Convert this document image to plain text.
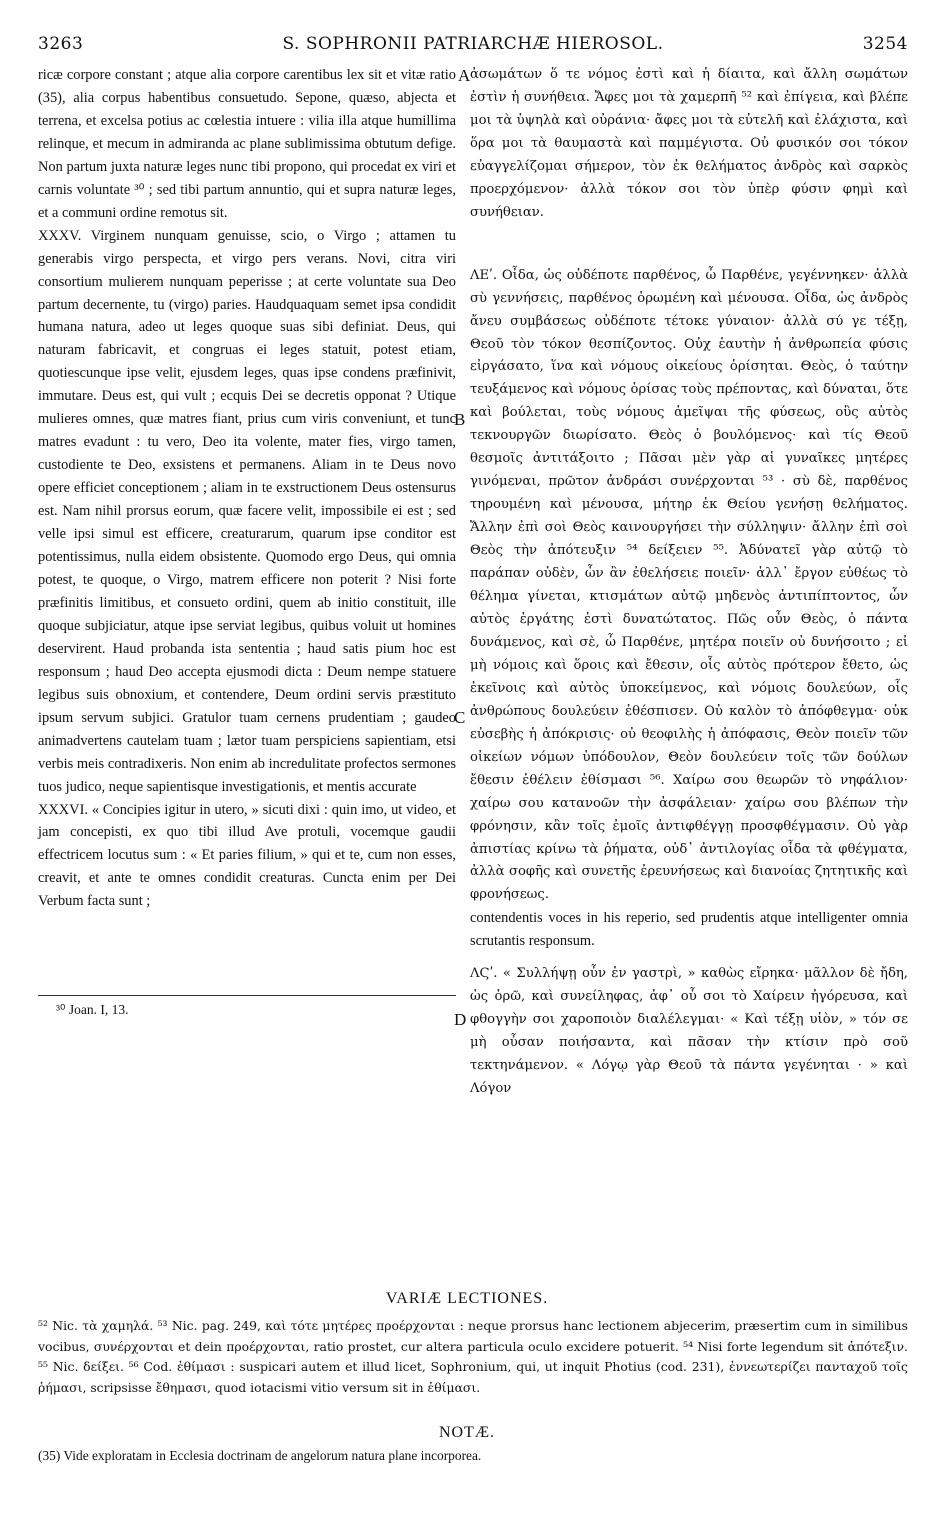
3263	S. SOPHRONII PATRIARCHÆ HIEROSOL.	3254

ricæ corpore constant ; atque alia corpore carentibus lex sit et vitæ ratio (35), alia corpus habentibus consuetudo. Sepone, quæso, abjecta et terrena, et excelsa potius ac cœlestia intuere : vilia illa atque humillima relinque, et mecum in admiranda ac plane sublimissima obtutum defige. Non partum juxta naturæ leges nunc tibi propono, qui procedat ex viri et carnis voluntate ³⁰ ; sed tibi partum annuntio, qui et supra naturæ leges, et a communi ordine remotus sit.

XXXV. Virginem nunquam genuisse, scio, o Virgo ; attamen tu generabis virgo perspecta, et virgo pers verans. Novi, citra viri consortium mulierem nunquam peperisse ; at certe voluntate sua Deo partum decernente, tu (virgo) paries. Haudquaquam semet ipsa condidit humana natura, adeo ut leges quoque suas sibi definiat. Deus, qui naturam fabricavit, et congruas ei leges statuit, potest etiam, quotiescunque ipse velit, ejusdem leges, quas ipse condens præfinivit, immutare. Deus est, qui vult ; ecquis Dei se decretis opponat ? Utique mulieres omnes, quæ matres fiant, prius cum viris conveniunt, et tunc matres evadunt : tu vero, Deo ita volente, mater fies, virgo tamen, custodiente te Deo, exsistens et permanens. Aliam in te Deus novo opere efficiet conceptionem ; aliam in te exstructionem Deus ostensurus est. Nam nihil prorsus eorum, quæ facere velit, impossibile ei est ; sed velle ipsi simul est efficere, creaturarum, quarum ipse conditor est potentissimus, nulla eidem obsistente. Quomodo ergo Deus, qui omnia potest, te quoque, o Virgo, matrem efficere non poterit ? Nisi forte præfinitis limitibus, et consueto ordini, quem ab initio constituit, ille quoque subjiciatur, atque ipse serviat legibus, quibus voluit ut homines deservirent. Haud probanda ista sententia ; haud satis pium hoc est responsum ; haud Deo accepta ejusmodi dicta : Deum nempe statuere legibus suis obnoxium, et contendere, Deum ordini servis præstituto ipsum servum subjici. Gratulor tuam cernens prudentiam ; gaudeo animadvertens cautelam tuam ; lætor tuam perspiciens sapientiam, etsi verbis meis contradixeris. Non enim ab incredulitate profectos sermones tuos judico, neque sapientisque investigationis, et mentis accurate

XXXVI. « Concipies igitur in utero, » sicuti dixi : quin imo, ut video, et jam concepisti, ex quo tibi illud Ave protuli, vocemque gaudii effectricem locutus sum : « Et paries filium, » qui et te, cum non esses, creavit, et ante te omnes condidit creaturas. Cuncta enim per Dei Verbum facta sunt ;

³⁰ Joan. I, 13.
A
B
C
D

ἀσωμάτων ὅ τε νόμος ἐστὶ καὶ ἡ δίαιτα, καὶ ἄλλη σωμάτων ἐστὶν ἡ συνήθεια. Ἄφες μοι τὰ χαμερπῆ ⁵² καὶ ἐπίγεια, καὶ βλέπε μοι τὰ ὑψηλὰ καὶ οὐράνια· ἄφες μοι τὰ εὐτελῆ καὶ ἐλάχιστα, καὶ ὅρα μοι τὰ θαυμαστὰ καὶ παμμέγιστα. Οὐ φυσικόν σοι τόκον εὐαγγελίζομαι σήμερον, τὸν ἐκ θελήματος ἀνδρὸς καὶ σαρκὸς προερχόμενον· ἀλλὰ τόκον σοι τὸν ὑπὲρ φύσιν φημὶ καὶ συνήθειαν.

ΛΕʹ. Οἶδα, ὡς οὐδέποτε παρθένος, ὦ Παρθένε, γεγέννηκεν· ἀλλὰ σὺ γεννήσεις, παρθένος ὁρωμένη καὶ μένουσα. Οἶδα, ὡς ἀνδρὸς ἄνευ συμβάσεως οὐδέποτε τέτοκε γύναιον· ἀλλὰ σύ γε τέξῃ, Θεοῦ τὸν τόκον θεσπίζοντος. Οὐχ ἑαυτὴν ἡ ἀνθρωπεία φύσις εἰργάσατο, ἵνα καὶ νόμους οἰκείους ὁρίσηται. Θεὸς, ὁ ταύτην τευξάμενος καὶ νόμους ὁρίσας τοὺς πρέποντας, καὶ δύναται, ὅτε καὶ βούλεται, τοὺς νόμους ἀμεῖψαι τῆς φύσεως, οὓς αὐτὸς τεκνουργῶν διωρίσατο. Θεὸς ὁ βουλόμενος· καὶ τίς Θεοῦ θεσμοῖς ἀντιτάξοιτο ; Πᾶσαι μὲν γὰρ αἱ γυναῖκες μητέρες γινόμεναι, πρῶτον ἀνδράσι συνέρχονται ⁵³ · σὺ δὲ, παρθένος τηρουμένη καὶ μένουσα, μήτηρ ἐκ Θείου γενήσῃ θελήματος. Ἄλλην ἐπὶ σοὶ Θεὸς καινουργήσει τὴν σύλληψιν· ἄλλην ἐπὶ σοὶ Θεὸς τὴν ἀπότευξιν ⁵⁴ δείξειεν ⁵⁵. Ἀδύνατεῖ γὰρ αὐτῷ τὸ παράπαν οὐδὲν, ὧν ἂν ἐθελήσειε ποιεῖν· ἀλλ᾽ ἔργον εὐθέως τὸ θέλημα γίνεται, κτισμάτων αὐτῷ μηδενὸς ἀντιπίπτοντος, ὧν αὐτὸς ἐργάτης ἐστὶ δυνατώτατος. Πῶς οὖν Θεὸς, ὁ πάντα δυνάμενος, καὶ σὲ, ὦ Παρθένε, μητέρα ποιεῖν οὐ δυνήσοιτο ; εἰ μὴ νόμοις καὶ ὅροις καὶ ἔθεσιν, οἷς αὐτὸς πρότερον ἔθετο, ὡς ἐκεῖνοις καὶ αὐτὸς ὑποκείμενος, καὶ νόμοις δουλεύων, οἷς ἀνθρώπους δουλεύειν ἐθέσπισεν. Οὐ καλὸν τὸ ἀπόφθεγμα· οὐκ εὐσεβὴς ἡ ἀπόκρισις· οὐ θεοφιλὴς ἡ ἀπόφασις, Θεὸν ποιεῖν τῶν οἰκείων νόμων ὑπόδουλον, Θεὸν δουλεύειν τοῖς τῶν δούλων ἔθεσιν ἐθέλειν ἐθίσμασι ⁵⁶. Χαίρω σου θεωρῶν τὸ νηφάλιον· χαίρω σου κατανοῶν τὴν ἀσφάλειαν· χαίρω σου βλέπων τὴν φρόνησιν, κἂν τοῖς ἐμοῖς ἀντιφθέγγῃ προσφθέγμασιν. Οὐ γὰρ ἀπιστίας κρίνω τὰ ῥήματα, οὐδ᾽ ἀντιλογίας οἶδα τὰ φθέγματα, ἀλλὰ σοφῆς καὶ συνετῆς ἐρευνήσεως καὶ διανοίας ζητητικῆς καὶ φρονήσεως.

contendentis voces in his reperio, sed prudentis atque intelligenter omnia scrutantis responsum.

ΛϚʹ. « Συλλήψῃ οὖν ἐν γαστρὶ, » καθὼς εἴρηκα· μᾶλλον δὲ ἤδη, ὡς ὁρῶ, καὶ συνείληφας, ἀφ᾽ οὗ σοι τὸ Χαίρειν ἠγόρευσα, καὶ φθογγὴν σοι χαροποιὸν διαλέλεγμαι· « Καὶ τέξῃ υἱὸν, » τόν σε μὴ οὖσαν ποιήσαντα, καὶ πᾶσαν τὴν κτίσιν πρὸ σοῦ τεκτηνάμενον. « Λόγῳ γὰρ Θεοῦ τὰ πάντα γεγένηται · » καὶ Λόγον

VARIÆ LECTIONES.

⁵² Nic. τὰ χαμηλά. ⁵³ Nic. pag. 249, καὶ τότε μητέρες προέρχονται : neque prorsus hanc lectionem abjecerim, præsertim cum in similibus vocibus, συνέρχονται et dein προέρχονται, ratio prostet, cur altera particula oculo excidere potuerit. ⁵⁴ Nisi forte legendum sit ἀπότεξιν. ⁵⁵ Nic. δείξει. ⁵⁶ Cod. ἐθίμασι : suspicari autem et illud licet, Sophronium, qui, ut inquit Photius (cod. 231), ἐννεωτερίζει πανταχοῦ τοῖς ῥήμασι, scripsisse ἔθημασι, quod iotacismi vitio versum sit in ἐθίμασι.

NOTÆ.

(35) Vide exploratam in Ecclesia doctrinam de angelorum natura plane incorporea.
